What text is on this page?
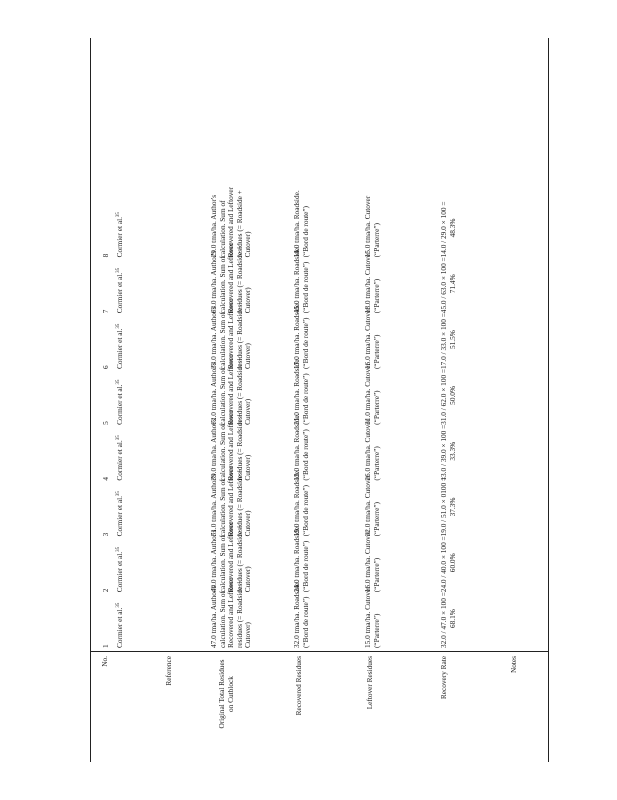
No.	Reference	Original Total Residues on Cutblock	Recovered Residues	Leftover Residues	Recovery Rate	Notes
1 Cormier et al.$^{35}$	47.0 tma/ha. Author's calculation. Sum of Recovered and Leftover residues (= Roadside + Cutover)	32.0 tma/ha. Roadside. (“Bord de route”)	15.0 tma/ha. Cutover (“Parterre”)	32.0 / 47.0 × 100 = 68.1%
2 Cormier et al.$^{35}$	40.0 tma/ha. Author's calculation. Sum of Recovered and Leftover residues (= Roadside + Cutover)	24.0 tma/ha. Roadside. (“Bord de route”)	16.0 tma/ha. Cutover (“Parterre”)	24.0 / 40.0 × 100 = 60.0%
3 Cormier et al.$^{35}$	51.0 tma/ha. Author's calculation. Sum of Recovered and Leftover residues (= Roadside + Cutover)	19.0 tma/ha. Roadside. (“Bord de route”)	32.0 tma/ha. Cutover (“Parterre”)	19.0 / 51.0 × 0100 = 37.3%
4 Cormier et al.$^{35}$	39.0 tma/ha. Author's calculation. Sum of Recovered and Leftover residues (= Roadside + Cutover)	13.0 tma/ha. Roadside. (“Bord de route”)	26.0 tma/ha. Cutover (“Parterre”)	13.0 / 39.0 × 100 = 33.3%
5 Cormier et al.$^{35}$	62.0 tma/ha. Author's calculation. Sum of Recovered and Leftover residues (= Roadside + Cutover)	31.0 tma/ha. Roadside. (“Bord de route”)	31.0 tma/ha. Cutover (“Parterre”)	31.0 / 62.0 × 100 = 50.0%
6 Cormier et al.$^{35}$	33.0 tma/ha. Author's calculation. Sum of Recovered and Leftover residues (= Roadside + Cutover)	17.0 tma/ha. Roadside. (“Bord de route”)	16.0 tma/ha. Cutover (“Parterre”)	17.0 / 33.0 × 100 = 51.5%
7 Cormier et al.$^{35}$	63.0 tma/ha. Author's calculation. Sum of Recovered and Leftover residues (= Roadside + Cutover)	45.0 tma/ha. Roadside. (“Bord de route”)	18.0 tma/ha. Cutover (“Parterre”)	45.0 / 63.0 × 100 = 71.4%
8 Cormier et al.$^{35}$	29.0 tma/ha. Author's calculation. Sum of Recovered and Leftover residues (= Roadside + Cutover)	14.0 tma/ha. Roadside. (“Bord de route”)	15.0 tma/ha. Cutover (“Parterre”)	14.0 / 29.0 × 100 = 48.3%
